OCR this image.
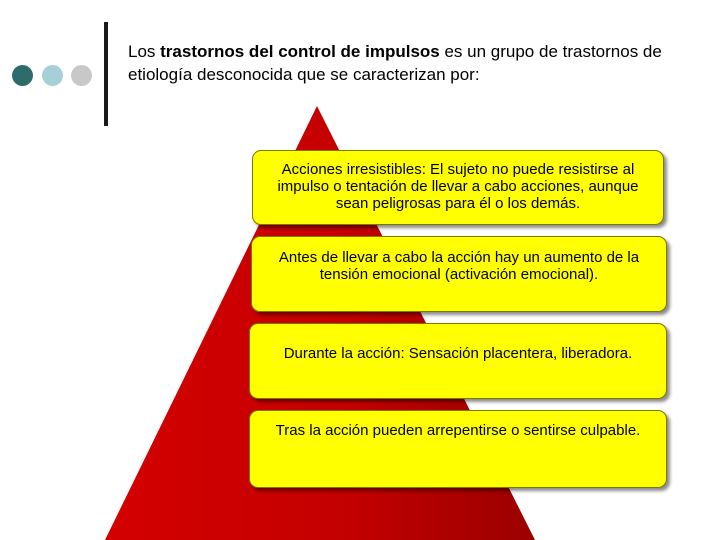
Los trastornos del control de impulsos es un grupo de trastornos de etiología desconocida que se caracterizan por:
Acciones irresistibles: El sujeto no puede resistirse al impulso o tentación de llevar a cabo acciones, aunque sean peligrosas para él o los demás.
Antes de llevar a cabo la acción hay un aumento de la tensión emocional (activación emocional).
Durante la acción: Sensación placentera, liberadora.
Tras la acción pueden arrepentirse o sentirse culpable.
